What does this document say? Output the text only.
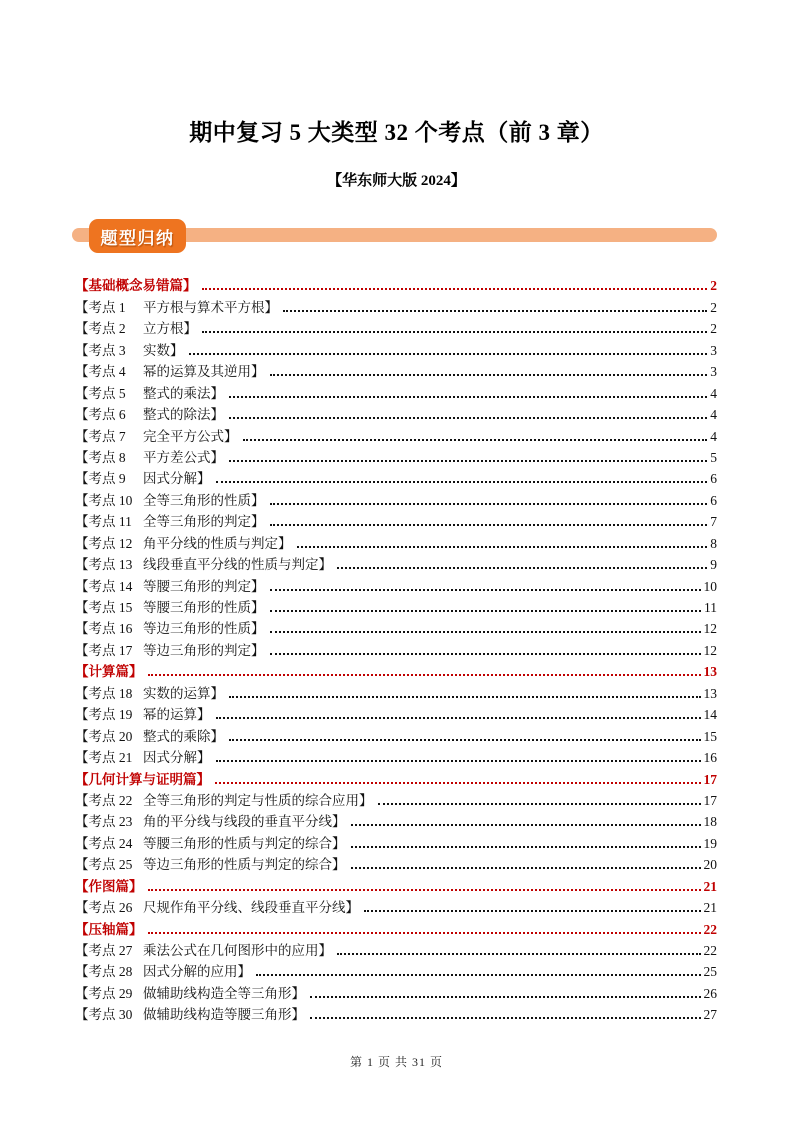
期中复习 5 大类型 32 个考点（前 3 章）
【华东师大版 2024】
题型归纳
【基础概念易错篇】	2
【考点 1	平方根与算术平方根】	2
【考点 2	立方根】	2
【考点 3	实数】	3
【考点 4	幂的运算及其逆用】	3
【考点 5	整式的乘法】	4
【考点 6	整式的除法】	4
【考点 7	完全平方公式】	4
【考点 8	平方差公式】	5
【考点 9	因式分解】	6
【考点 10 全等三角形的性质】	6
【考点 11 全等三角形的判定】	7
【考点 12 角平分线的性质与判定】	8
【考点 13 线段垂直平分线的性质与判定】	9
【考点 14 等腰三角形的判定】	10
【考点 15 等腰三角形的性质】	11
【考点 16 等边三角形的性质】	12
【考点 17 等边三角形的判定】	12
【计算篇】	13
【考点 18 实数的运算】	13
【考点 19 幂的运算】	14
【考点 20 整式的乘除】	15
【考点 21 因式分解】	16
【几何计算与证明篇】	17
【考点 22 全等三角形的判定与性质的综合应用】	17
【考点 23 角的平分线与线段的垂直平分线】	18
【考点 24 等腰三角形的性质与判定的综合】	19
【考点 25 等边三角形的性质与判定的综合】	20
【作图篇】	21
【考点 26 尺规作角平分线、线段垂直平分线】	21
【压轴篇】	22
【考点 27 乘法公式在几何图形中的应用】	22
【考点 28 因式分解的应用】	25
【考点 29 做辅助线构造全等三角形】	26
【考点 30 做辅助线构造等腰三角形】	27
第 1 页 共 31 页
